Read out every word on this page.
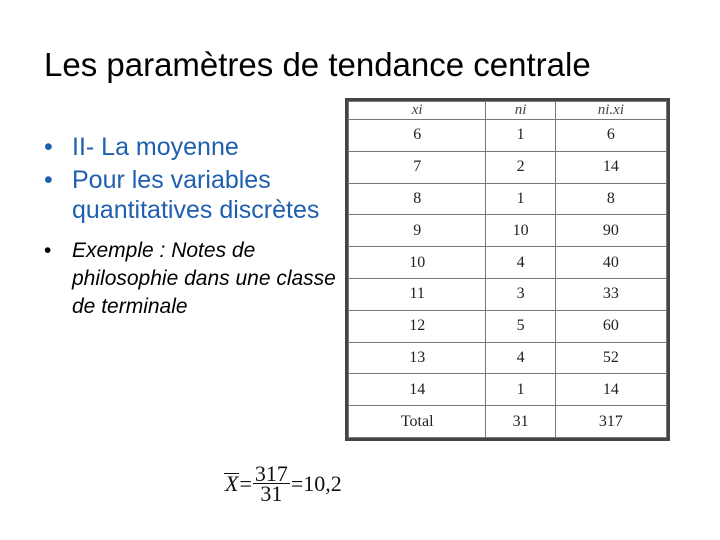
Les paramètres de tendance centrale
• II- La moyenne
• Pour les variables quantitatives discrètes
• Exemple : Notes de philosophie dans une classe de terminale
xi	ni	ni.xi
6	1	6
7	2	14
8	1	8
9	10	90
10	4	40
11	3	33
12	5	60
13	4	52
14	1	14
Total	31	317
$X = \frac{317}{31} = 10,2$
